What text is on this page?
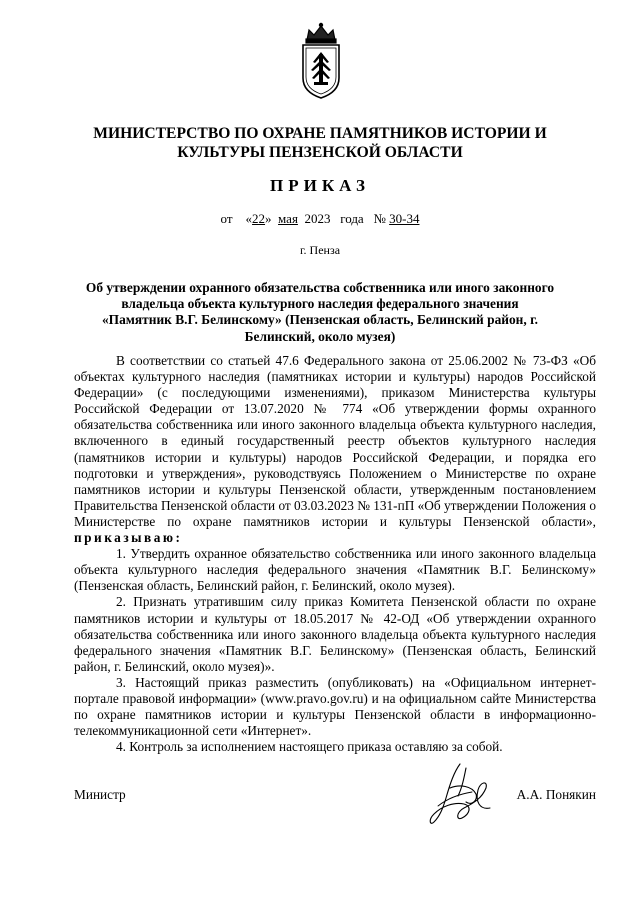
МИНИСТЕРСТВО ПО ОХРАНЕ ПАМЯТНИКОВ ИСТОРИИ И
КУЛЬТУРЫ ПЕНЗЕНСКОЙ ОБЛАСТИ
ПРИКАЗ
от    «22»  мая 2023 года № 30-34
г. Пенза
Об утверждении охранного обязательства собственника или иного законного
владельца объекта культурного наследия федерального значения
«Памятник В.Г. Белинскому» (Пензенская область, Белинский район, г.
Белинский, около музея)

В соответствии со статьей 47.6 Федерального закона от 25.06.2002 № 73-ФЗ «Об объектах культурного наследия (памятниках истории и культуры) народов Российской Федерации» (с последующими изменениями), приказом Министерства культуры Российской Федерации от 13.07.2020 № 774 «Об утверждении формы охранного обязательства собственника или иного законного владельца объекта культурного наследия, включенного в единый государственный реестр объектов культурного наследия (памятников истории и культуры) народов Российской Федерации, и порядка его подготовки и утверждения», руководствуясь Положением о Министерстве по охране памятников истории и культуры Пензенской области, утвержденным постановлением Правительства Пензенской области от 03.03.2023 № 131-пП «Об утверждении Положения о Министерстве по охране памятников истории и культуры Пензенской области», приказываю:

1. Утвердить охранное обязательство собственника или иного законного владельца объекта культурного наследия федерального значения «Памятник В.Г. Белинскому» (Пензенская область, Белинский район, г. Белинский, около музея).

2. Признать утратившим силу приказ Комитета Пензенской области по охране памятников истории и культуры от 18.05.2017 № 42-ОД «Об утверждении охранного обязательства собственника или иного законного владельца объекта культурного наследия федерального значения «Памятник В.Г. Белинскому» (Пензенская область, Белинский район, г. Белинский, около музея)».

3. Настоящий приказ разместить (опубликовать) на «Официальном интернет-портале правовой информации» (www.pravo.gov.ru) и на официальном сайте Министерства по охране памятников истории и культуры Пензенской области в информационно-телекоммуникационной сети «Интернет».

4. Контроль за исполнением настоящего приказа оставляю за собой.

Министр	А.А. Понякин
